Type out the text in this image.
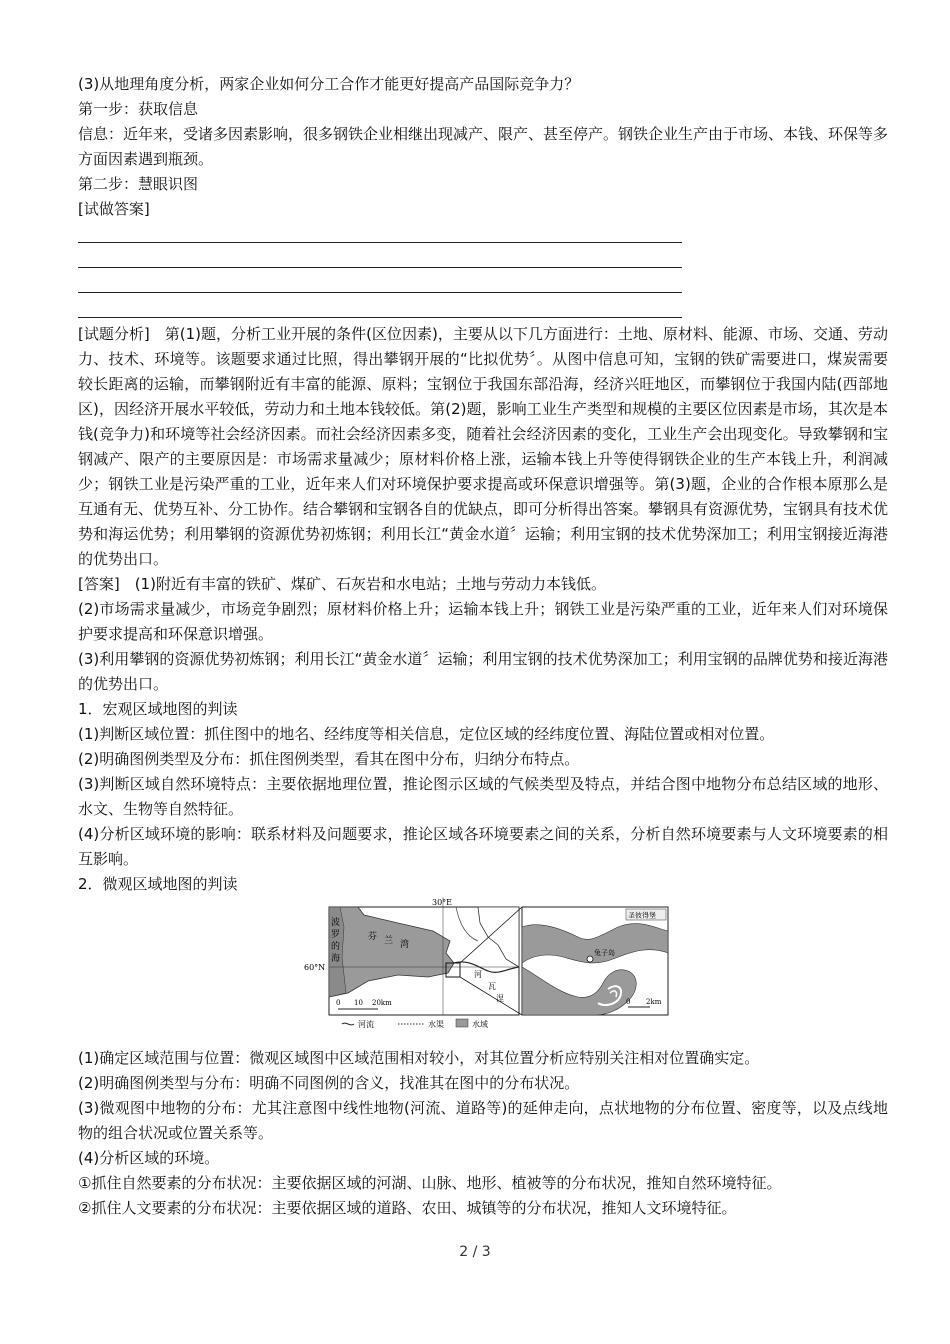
(3)从地理角度分析，两家企业如何分工合作才能更好提高产品国际竞争力？

第一步：获取信息

信息：近年来，受诸多因素影响，很多钢铁企业相继出现减产、限产、甚至停产。钢铁企业生产由于市场、本钱、环保等多方面因素遇到瓶颈。

第二步：慧眼识图

[试做答案]

[试题分析]　第(1)题，分析工业开展的条件(区位因素)，主要从以下几方面进行：土地、原材料、能源、市场、交通、劳动力、技术、环境等。该题要求通过比照，得出攀钢开展的“比拟优势〞。从图中信息可知，宝钢的铁矿需要进口，煤炭需要较长距离的运输，而攀钢附近有丰富的能源、原料；宝钢位于我国东部沿海，经济兴旺地区，而攀钢位于我国内陆(西部地区)，因经济开展水平较低，劳动力和土地本钱较低。第(2)题，影响工业生产类型和规模的主要区位因素是市场，其次是本钱(竞争力)和环境等社会经济因素。而社会经济因素多变，随着社会经济因素的变化，工业生产会出现变化。导致攀钢和宝钢减产、限产的主要原因是：市场需求量减少；原材料价格上涨，运输本钱上升等使得钢铁企业的生产本钱上升，利润减少；钢铁工业是污染严重的工业，近年来人们对环境保护要求提高或环保意识增强等。第(3)题，企业的合作根本原那么是互通有无、优势互补、分工协作。结合攀钢和宝钢各自的优缺点，即可分析得出答案。攀钢具有资源优势，宝钢具有技术优势和海运优势；利用攀钢的资源优势初炼钢；利用长江“黄金水道〞运输；利用宝钢的技术优势深加工；利用宝钢接近海港的优势出口。

[答案]　(1)附近有丰富的铁矿、煤矿、石灰岩和水电站；土地与劳动力本钱低。

(2)市场需求量减少，市场竞争剧烈；原材料价格上升；运输本钱上升；钢铁工业是污染严重的工业，近年来人们对环境保护要求提高和环保意识增强。

(3)利用攀钢的资源优势初炼钢；利用长江“黄金水道〞运输；利用宝钢的技术优势深加工；利用宝钢的品牌优势和接近海港的优势出口。

1．宏观区域地图的判读

(1)判断区域位置：抓住图中的地名、经纬度等相关信息，定位区域的经纬度位置、海陆位置或相对位置。

(2)明确图例类型及分布：抓住图例类型，看其在图中分布，归纳分布特点。

(3)判断区域自然环境特点：主要依据地理位置，推论图示区域的气候类型及特点，并结合图中地物分布总结区域的地形、水文、生物等自然特征。

(4)分析区域环境的影响：联系材料及问题要求，推论区域各环境要素之间的关系，分析自然环境要素与人文环境要素的相互影响。

2．微观区域地图的判读

30°E
60°N
波
罗
的
海
芬 兰 湾
河
瓦
涅
0 10 20km
圣彼得堡
兔子岛
0 2km
河流	水渠	水域

(1)确定区域范围与位置：微观区域图中区域范围相对较小，对其位置分析应特别关注相对位置确实定。

(2)明确图例类型与分布：明确不同图例的含义，找准其在图中的分布状况。

(3)微观图中地物的分布：尤其注意图中线性地物(河流、道路等)的延伸走向，点状地物的分布位置、密度等，以及点线地物的组合状况或位置关系等。

(4)分析区域的环境。

①抓住自然要素的分布状况：主要依据区域的河湖、山脉、地形、植被等的分布状况，推知自然环境特征。

②抓住人文要素的分布状况：主要依据区域的道路、农田、城镇等的分布状况，推知人文环境特征。

2 / 3
